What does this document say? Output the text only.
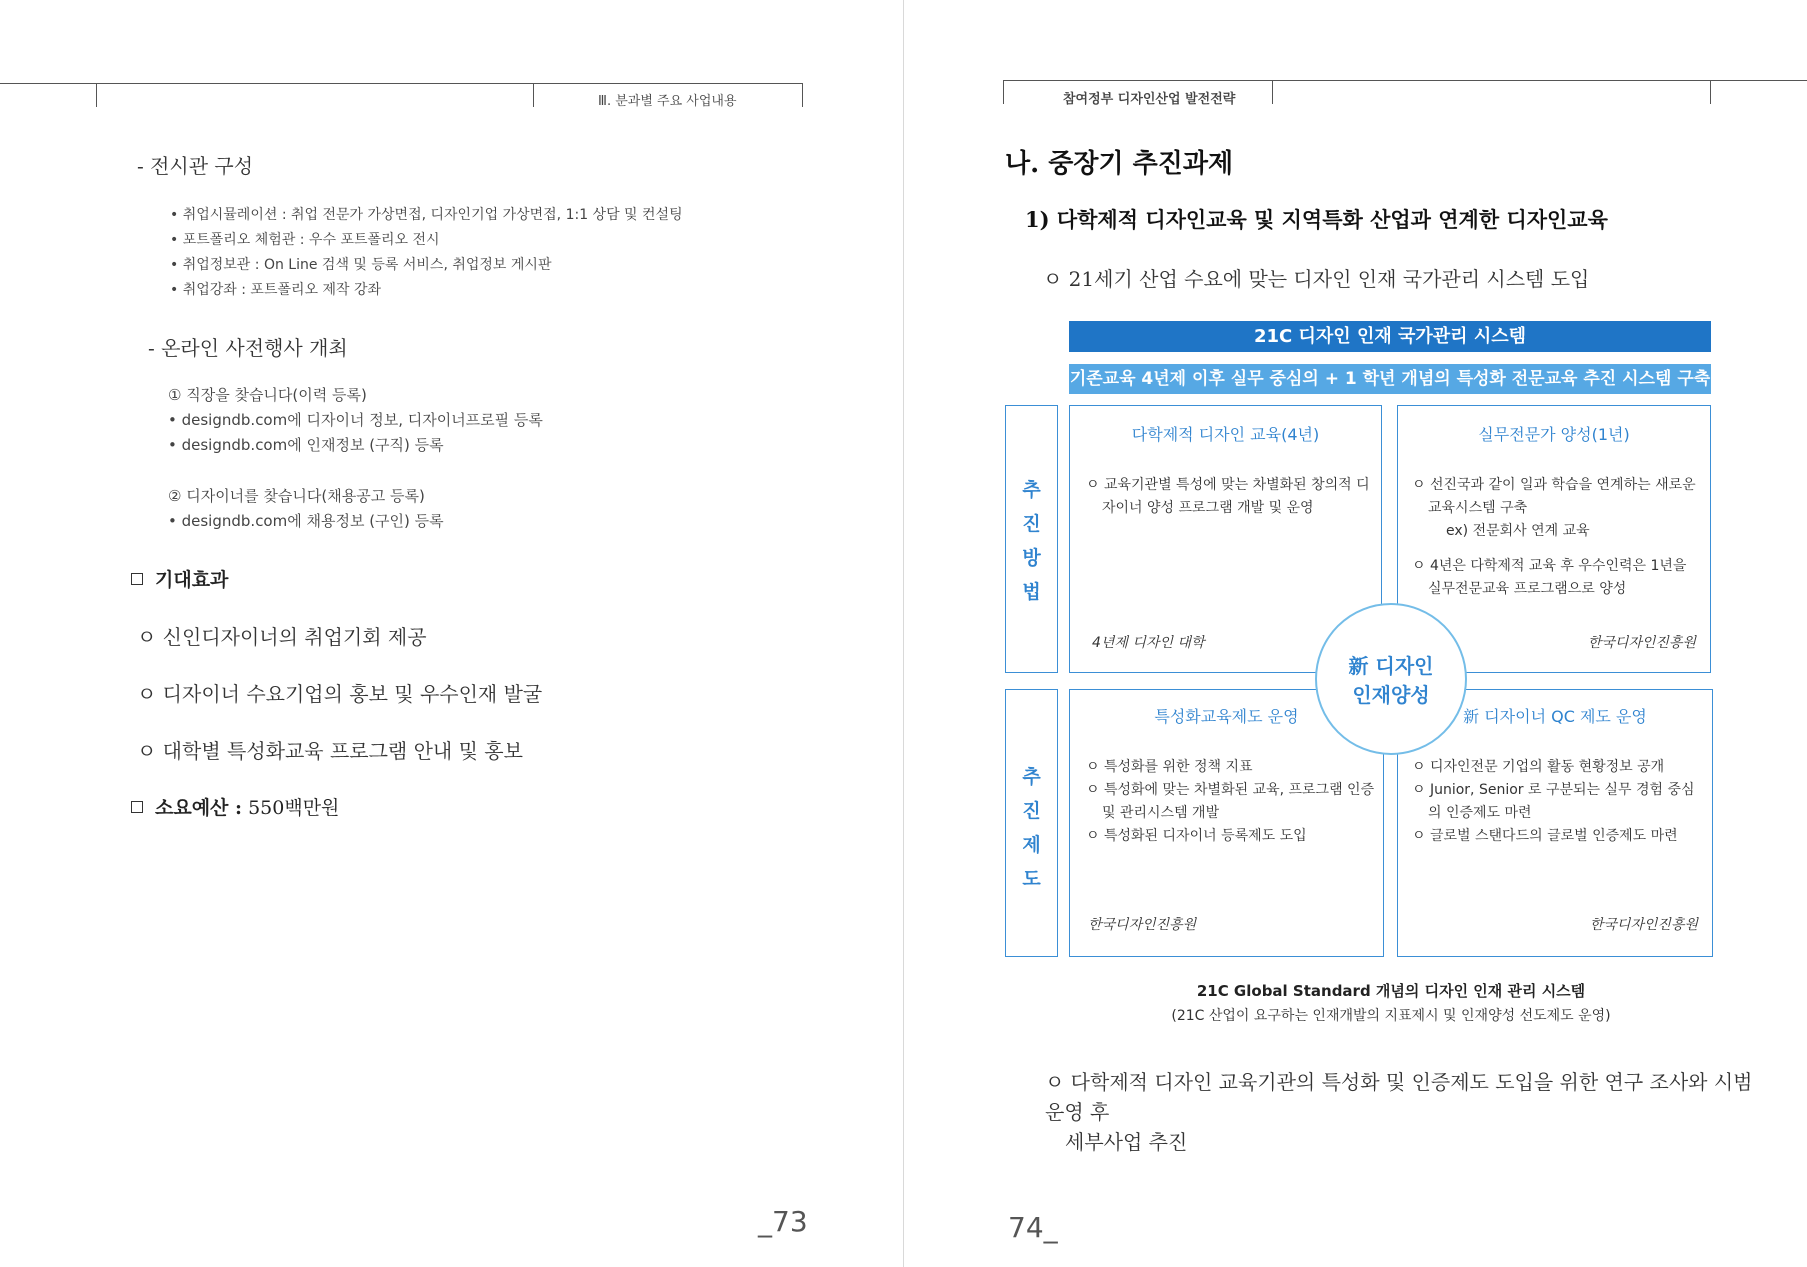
Ⅲ. 분과별 주요 사업내용
- 전시관 구성
• 취업시뮬레이션 : 취업 전문가 가상면접, 디자인기업 가상면접, 1:1 상담 및 컨설팅
• 포트폴리오 체험관 : 우수 포트폴리오 전시
• 취업정보관 : On Line 검색 및 등록 서비스, 취업정보 게시판
• 취업강좌 : 포트폴리오 제작 강좌
- 온라인 사전행사 개최
① 직장을 찾습니다(이력 등록)
• designdb.com에 디자이너 정보, 디자이너프로필 등록
• designdb.com에 인재정보 (구직) 등록
② 디자이너를 찾습니다(채용공고 등록)
• designdb.com에 채용정보 (구인) 등록
기대효과
ㅇ 신인디자이너의 취업기회 제공
ㅇ 디자이너 수요기업의 홍보 및 우수인재 발굴
ㅇ 대학별 특성화교육 프로그램 안내 및 홍보
소요예산 : 550백만원
_73
참여정부 디자인산업 발전전략
나. 중장기 추진과제
1) 다학제적 디자인교육 및 지역특화 산업과 연계한 디자인교육
ㅇ 21세기 산업 수요에 맞는 디자인 인재 국가관리 시스템 도입
21C 디자인 인재 국가관리 시스템
기존교육 4년제 이후 실무 중심의 + 1 학년 개념의 특성화 전문교육 추진 시스템 구축
추
진
방
법
추
진
제
도
다학제적 디자인 교육(4년)
ㅇ 교육기관별 특성에 맞는 차별화된 창의적 디
자이너 양성 프로그램 개발 및 운영
4년제 디자인 대학
실무전문가 양성(1년)
ㅇ 선진국과 같이 일과 학습을 연계하는 새로운
교육시스템 구축
ex) 전문회사 연계 교육
ㅇ 4년은 다학제적 교육 후 우수인력은 1년을
실무전문교육 프로그램으로 양성
한국디자인진흥원
특성화교육제도 운영
ㅇ 특성화를 위한 정책 지표
ㅇ 특성화에 맞는 차별화된 교육, 프로그램 인증
및 관리시스템 개발
ㅇ 특성화된 디자이너 등록제도 도입
한국디자인진흥원
新 디자이너 QC 제도 운영
ㅇ 디자인전문 기업의 활동 현황정보 공개
ㅇ Junior, Senior 로 구분되는 실무 경험 중심
의 인증제도 마련
ㅇ 글로벌 스탠다드의 글로벌 인증제도 마련
한국디자인진흥원
新 디자인
인재양성
21C Global Standard 개념의 디자인 인재 관리 시스템
(21C 산업이 요구하는 인재개발의 지표제시 및 인재양성 선도제도 운영)
ㅇ 다학제적 디자인 교육기관의 특성화 및 인증제도 도입을 위한 연구 조사와 시범운영 후
세부사업 추진
74_
